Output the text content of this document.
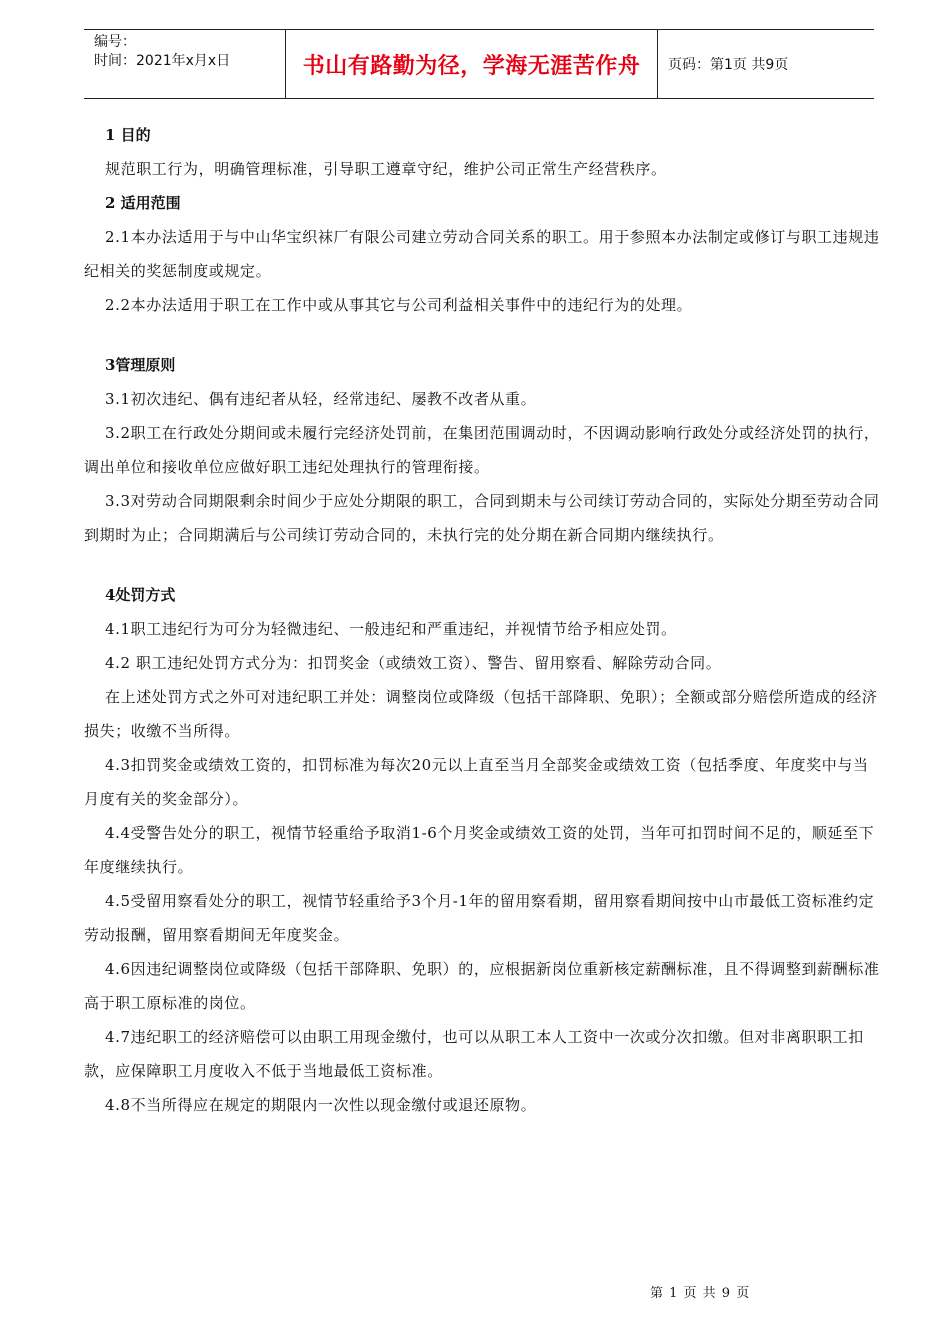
编号：
时间：2021年x月x日	书山有路勤为径，学海无涯苦作舟	页码：第1页 共9页
1 目的

规范职工行为，明确管理标准，引导职工遵章守纪，维护公司正常生产经营秩序。

2 适用范围

2.1本办法适用于与中山华宝织袜厂有限公司建立劳动合同关系的职工。用于参照本办法制定或修订与职工违规违纪相关的奖惩制度或规定。

2.2本办法适用于职工在工作中或从事其它与公司利益相关事件中的违纪行为的处理。

3管理原则

3.1初次违纪、偶有违纪者从轻，经常违纪、屡教不改者从重。

3.2职工在行政处分期间或未履行完经济处罚前，在集团范围调动时，不因调动影响行政处分或经济处罚的执行，调出单位和接收单位应做好职工违纪处理执行的管理衔接。

3.3对劳动合同期限剩余时间少于应处分期限的职工，合同到期未与公司续订劳动合同的，实际处分期至劳动合同到期时为止；合同期满后与公司续订劳动合同的，未执行完的处分期在新合同期内继续执行。

4处罚方式

4.1职工违纪行为可分为轻微违纪、一般违纪和严重违纪，并视情节给予相应处罚。

4.2 职工违纪处罚方式分为：扣罚奖金（或绩效工资）、警告、留用察看、解除劳动合同。

在上述处罚方式之外可对违纪职工并处：调整岗位或降级（包括干部降职、免职）；全额或部分赔偿所造成的经济损失；收缴不当所得。

4.3扣罚奖金或绩效工资的，扣罚标准为每次20元以上直至当月全部奖金或绩效工资（包括季度、年度奖中与当月度有关的奖金部分）。

4.4受警告处分的职工，视情节轻重给予取消1-6个月奖金或绩效工资的处罚，当年可扣罚时间不足的，顺延至下年度继续执行。

4.5受留用察看处分的职工，视情节轻重给予3个月-1年的留用察看期，留用察看期间按中山市最低工资标准约定劳动报酬，留用察看期间无年度奖金。

4.6因违纪调整岗位或降级（包括干部降职、免职）的，应根据新岗位重新核定薪酬标准，且不得调整到薪酬标准高于职工原标准的岗位。

4.7违纪职工的经济赔偿可以由职工用现金缴付，也可以从职工本人工资中一次或分次扣缴。但对非离职职工扣款，应保障职工月度收入不低于当地最低工资标准。

4.8不当所得应在规定的期限内一次性以现金缴付或退还原物。

第 1 页 共 9 页
